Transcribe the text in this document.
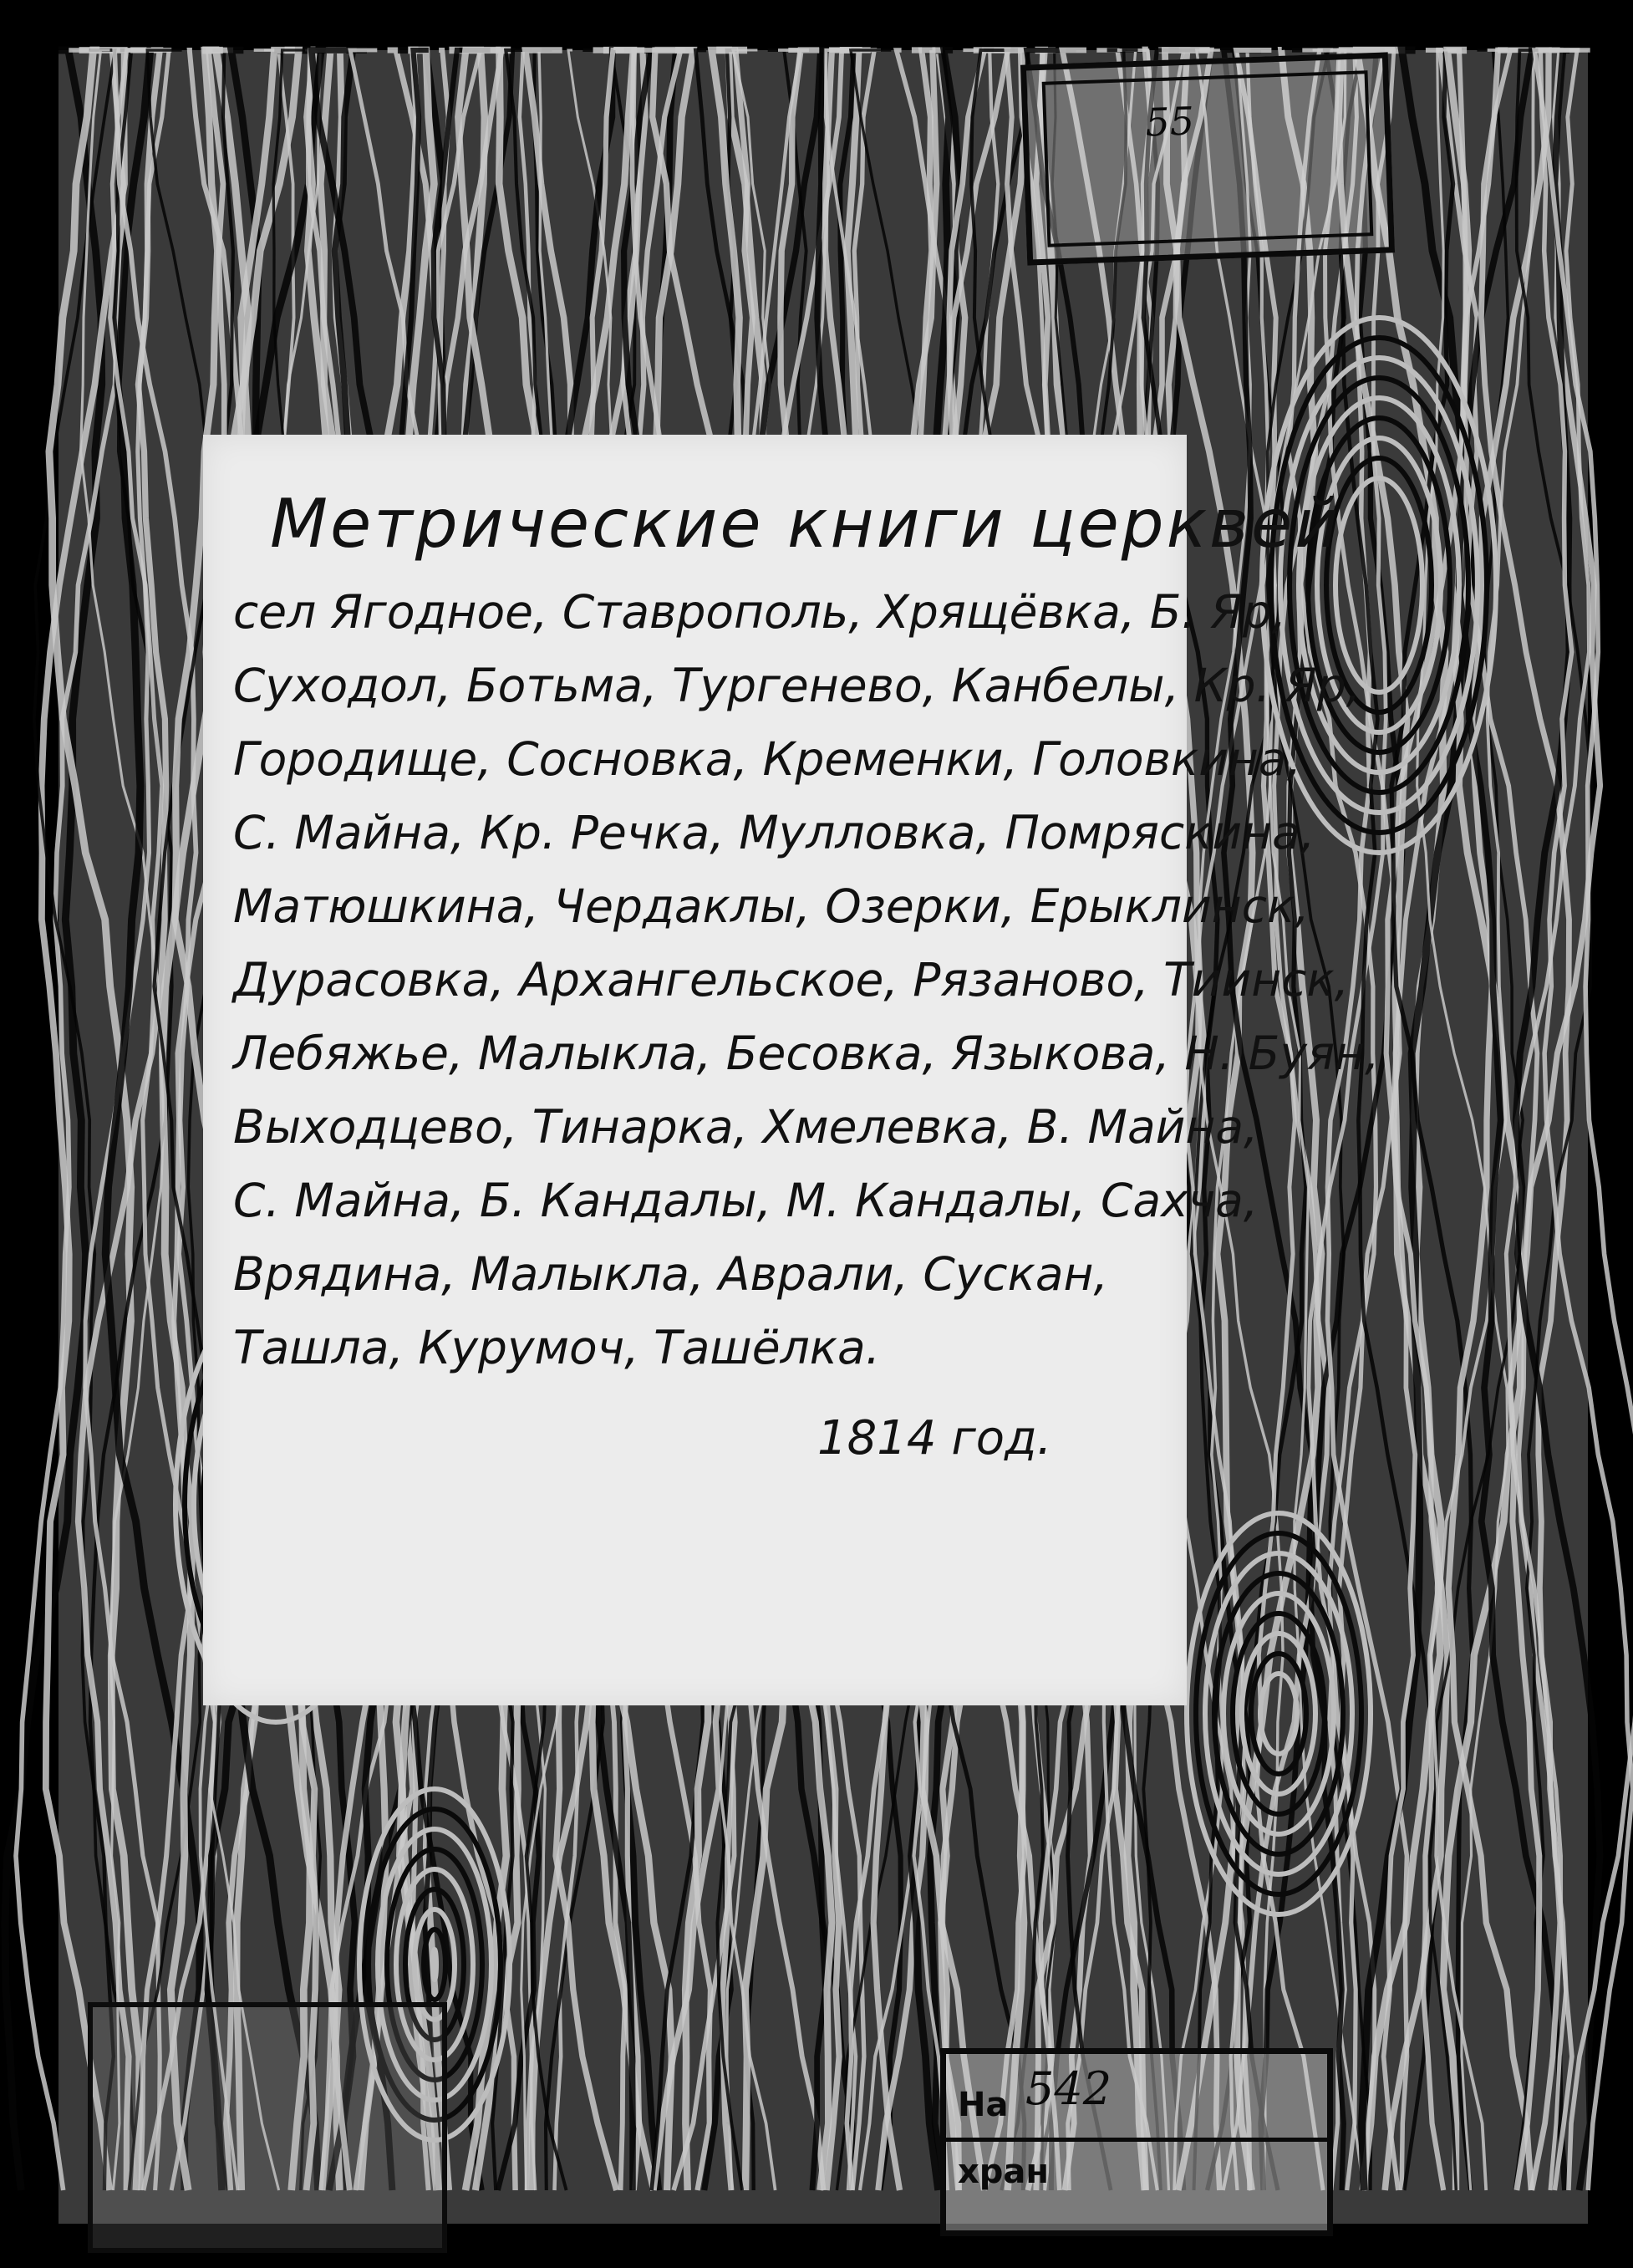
55
На 542
хран
Метрические книги церквей
сел Ягодное, Ставрополь, Хрящёвка, Б. Яр,
Суходол, Ботьма, Тургенево, Канбелы, Кр. Яр,
Городище, Сосновка, Кременки, Головкина,
С. Майна, Кр. Речка, Мулловка, Помряскина,
Матюшкина, Чердаклы, Озерки, Ерыклинск,
Дурасовка, Архангельское, Рязаново, Тиинск,
Лебяжье, Малыкла, Бесовка, Языкова, Н. Буян,
Выходцево, Тинарка, Хмелевка, В. Майна,
С. Майна, Б. Кандалы, М. Кандалы, Сахча,
Врядина, Малыкла, Аврали, Сускан,
Ташла, Курумоч, Ташёлка.
1814 год.
